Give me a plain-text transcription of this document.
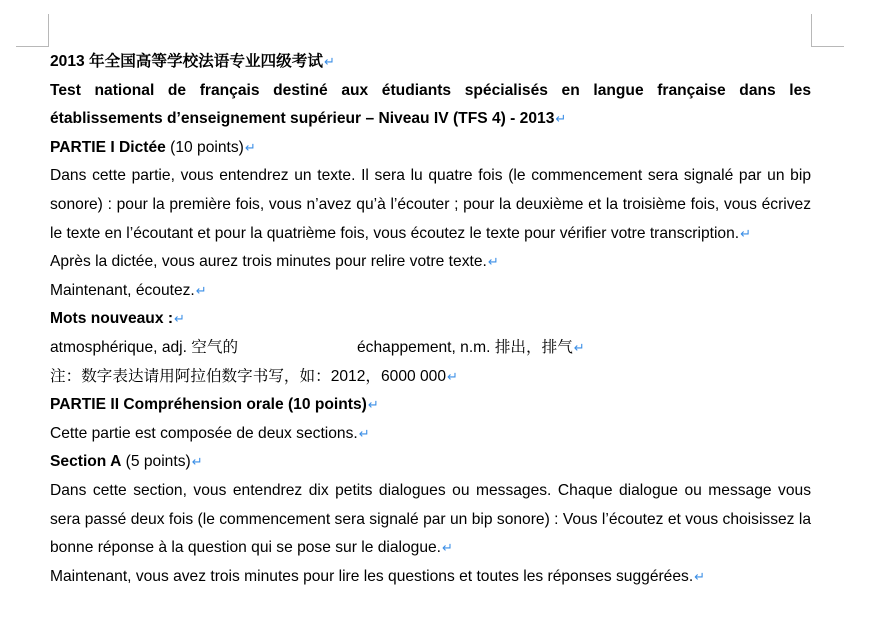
2013 年全国高等学校法语专业四级考试↵
Test national de français destiné aux étudiants spécialisés en langue française dans les établissements d’enseignement supérieur – Niveau IV (TFS 4) - 2013↵
PARTIE I Dictée (10 points)↵
Dans cette partie, vous entendrez un texte. Il sera lu quatre fois (le commencement sera signalé par un bip sonore) : pour la première fois, vous n’avez qu’à l’écouter ; pour la deuxième et la troisième fois, vous écrivez le texte en l’écoutant et pour la quatrième fois, vous écoutez le texte pour vérifier votre transcription.↵
Après la dictée, vous aurez trois minutes pour relire votre texte.↵
Maintenant, écoutez.↵
Mots nouveaux :↵
atmosphérique, adj. 空气的	échappement, n.m. 排出，排气↵
注：数字表达请用阿拉伯数字书写，如：2012，6000 000↵
PARTIE II Compréhension orale (10 points)↵
Cette partie est composée de deux sections.↵
Section A (5 points)↵
Dans cette section, vous entendrez dix petits dialogues ou messages. Chaque dialogue ou message vous sera passé deux fois (le commencement sera signalé par un bip sonore) : Vous l’écoutez et vous choisissez la bonne réponse à la question qui se pose sur le dialogue.↵
Maintenant, vous avez trois minutes pour lire les questions et toutes les réponses suggérées.↵
